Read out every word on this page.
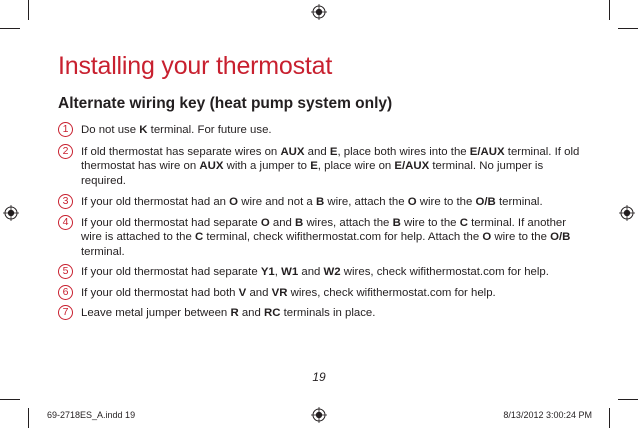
Installing your thermostat
Alternate wiring key (heat pump system only)
1	Do not use K terminal. For future use.
2	If old thermostat has separate wires on AUX and E, place both wires into the E/AUX terminal. If old thermostat has wire on AUX with a jumper to E, place wire on E/AUX terminal. No jumper is required.
3	If your old thermostat had an O wire and not a B wire, attach the O wire to the O/B terminal.
4	If your old thermostat had separate O and B wires, attach the B wire to the C terminal. If another wire is attached to the C terminal, check wifithermostat.com for help. Attach the O wire to the O/B terminal.
5	If your old thermostat had separate Y1, W1 and W2 wires, check wifithermostat.com for help.
6	If your old thermostat had both V and VR wires, check wifithermostat.com for help.
7	Leave metal jumper between R and RC terminals in place.
19
69-2718ES_A.indd 19	8/13/2012 3:00:24 PM
